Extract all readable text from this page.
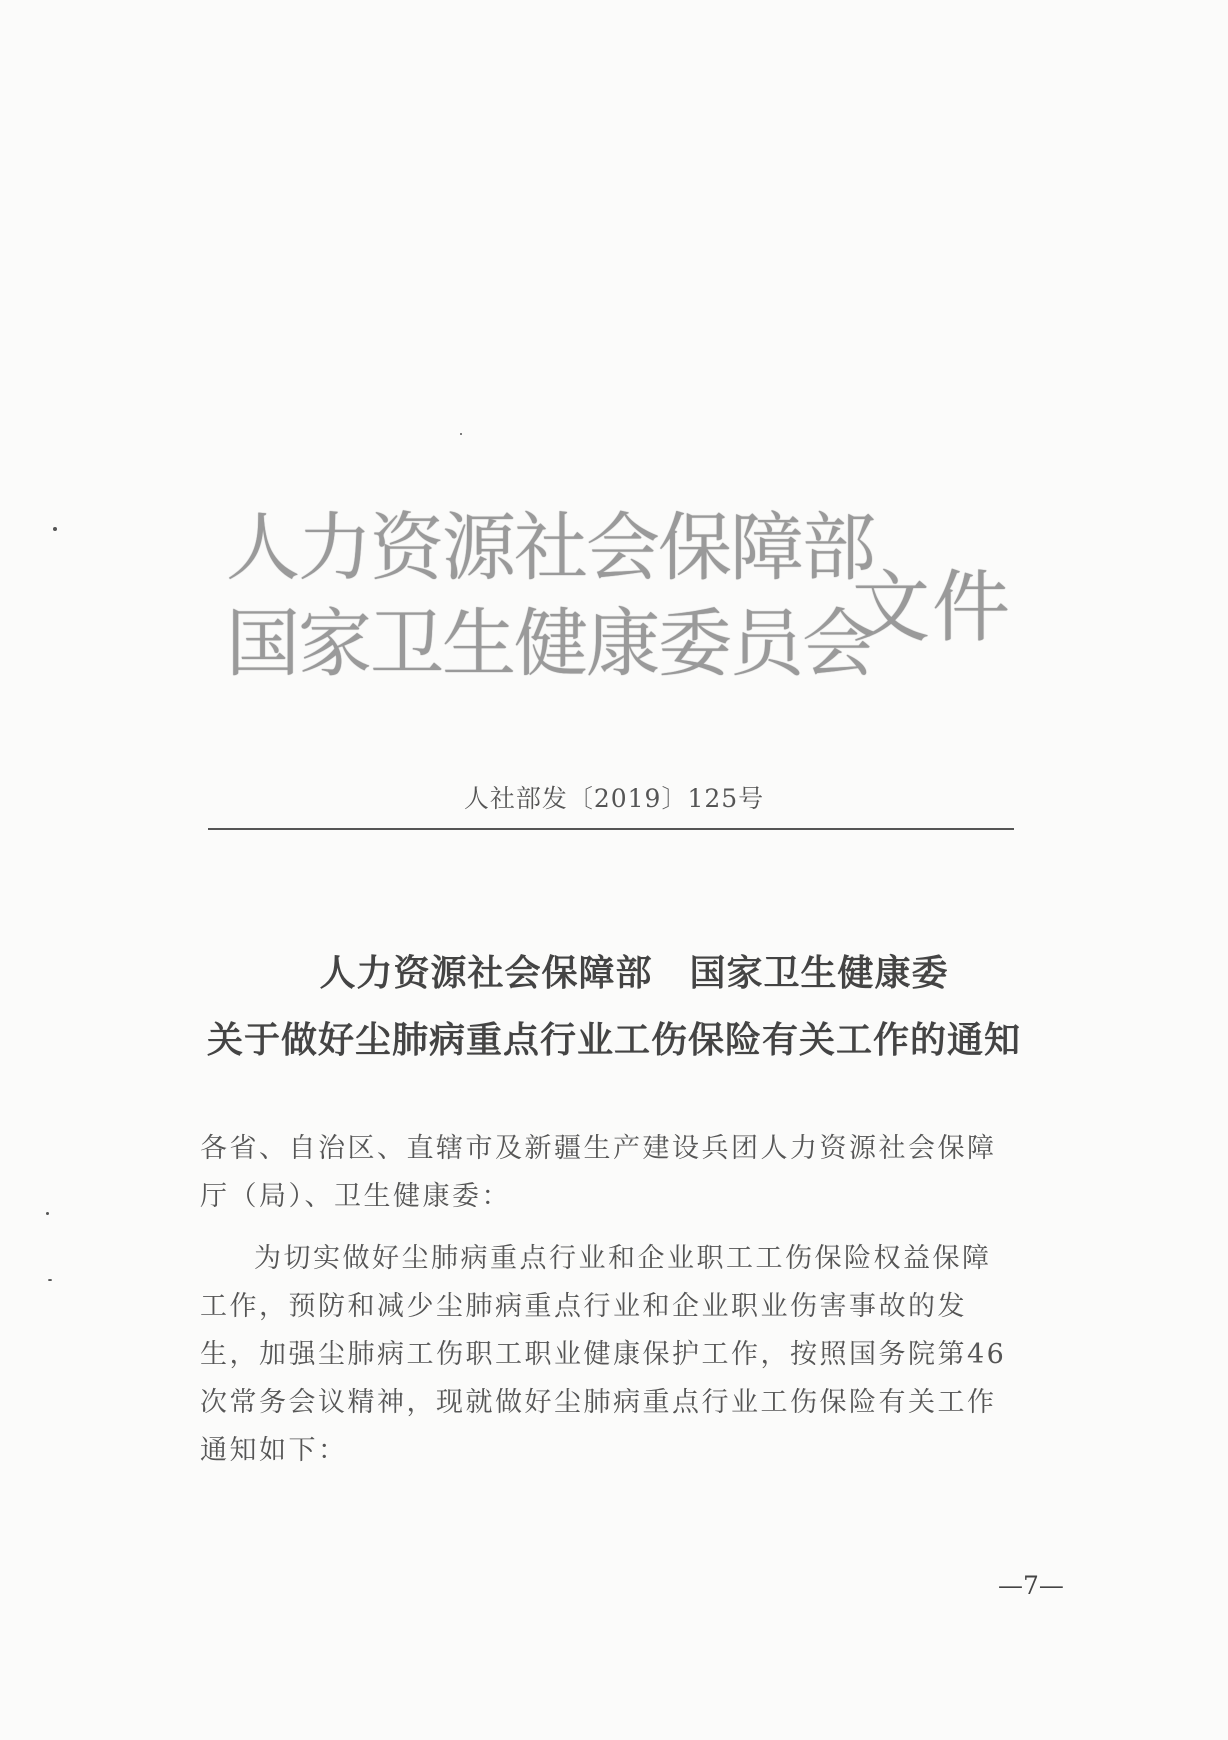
人力资源社会保障部
国家卫生健康委员会
文件
人社部发〔2019〕125号
人力资源社会保障部　国家卫生健康委
关于做好尘肺病重点行业工伤保险有关工作的通知
各省、自治区、直辖市及新疆生产建设兵团人力资源社会保障厅（局）、卫生健康委：
为切实做好尘肺病重点行业和企业职工工伤保险权益保障工作，预防和减少尘肺病重点行业和企业职业伤害事故的发生，加强尘肺病工伤职工职业健康保护工作，按照国务院第46次常务会议精神，现就做好尘肺病重点行业工伤保险有关工作通知如下：
—7—
